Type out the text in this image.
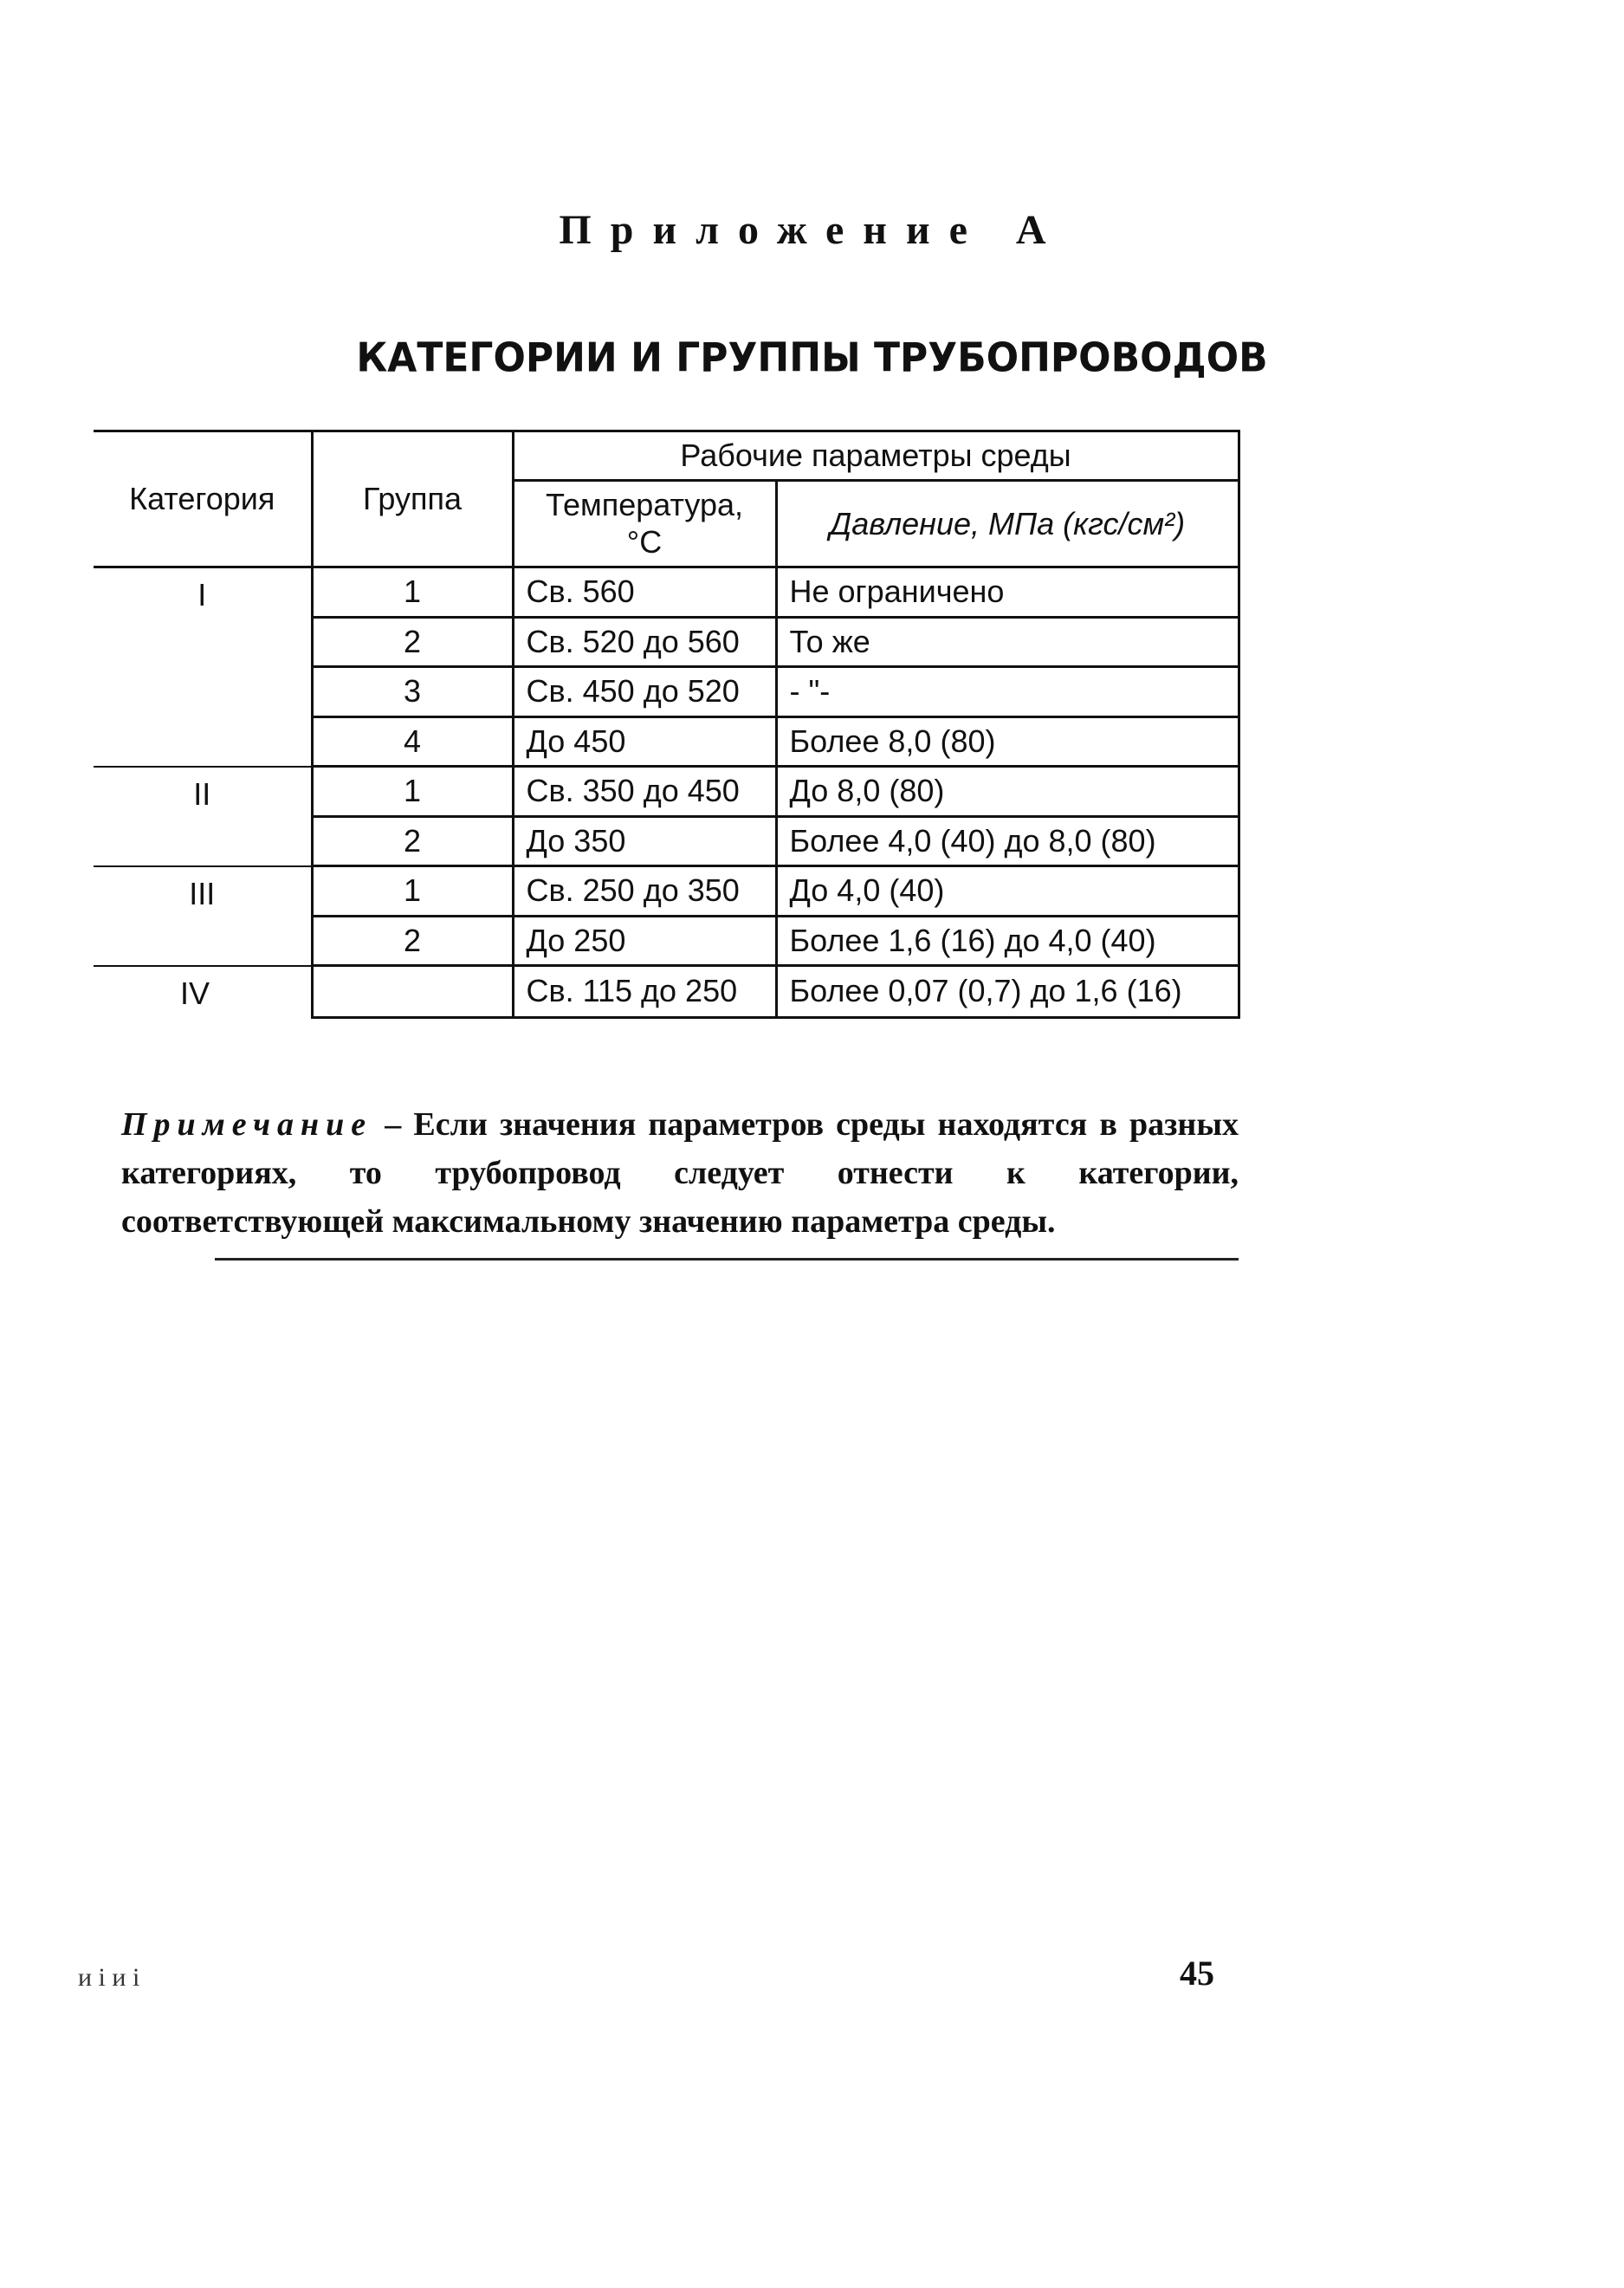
Приложение А
КАТЕГОРИИ И ГРУППЫ ТРУБОПРОВОДОВ
Категория	Группа	Рабочие параметры среды	
		Температура, °С	Давление, МПа (кгс/см²)
I	1	Св. 560	Не ограничено
	2	Св. 520 до 560	То же
	3	Св. 450 до 520	- "-
	4	До 450	Более 8,0 (80)
II	1	Св. 350 до 450	До 8,0 (80)
	2	До 350	Более 4,0 (40) до 8,0 (80)
III	1	Св. 250 до 350	До 4,0 (40)
	2	До 250	Более 1,6 (16) до 4,0 (40)
IV		Св. 115 до 250	Более 0,07 (0,7) до 1,6 (16)
Примечание – Если значения параметров среды находятся в разных категориях, то трубопровод следует отнести к категории, соответствующей максимальному значению параметра среды.
и і и і	45
